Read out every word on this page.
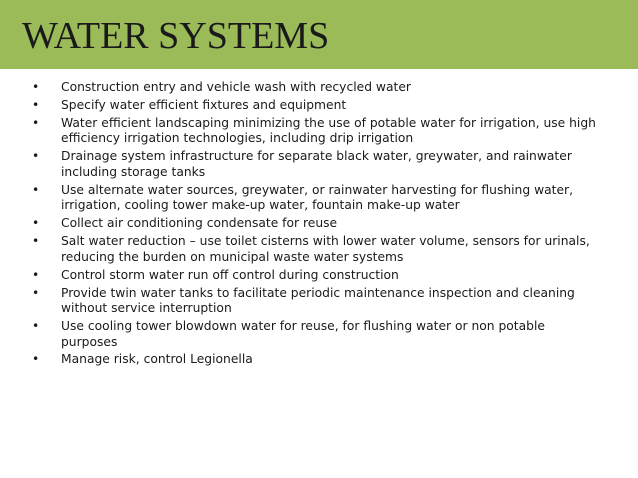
WATER SYSTEMS
•	Construction entry and vehicle wash with recycled water
•	Specify water efficient fixtures and equipment
•	Water efficient landscaping minimizing the use of potable water for irrigation, use high efficiency irrigation technologies, including drip irrigation
•	Drainage system infrastructure for separate black water, greywater, and rainwater including storage tanks
•	Use alternate water sources, greywater, or rainwater harvesting for flushing water, irrigation, cooling tower make-up water, fountain make-up water
•	Collect air conditioning condensate for reuse
•	Salt water reduction – use toilet cisterns with lower water volume, sensors for urinals, reducing the burden on municipal waste water systems
•	Control storm water run off control during construction
•	Provide twin water tanks to facilitate periodic maintenance inspection and cleaning without service interruption
•	Use cooling tower blowdown water for reuse, for flushing water or non potable purposes
•	Manage risk, control Legionella
